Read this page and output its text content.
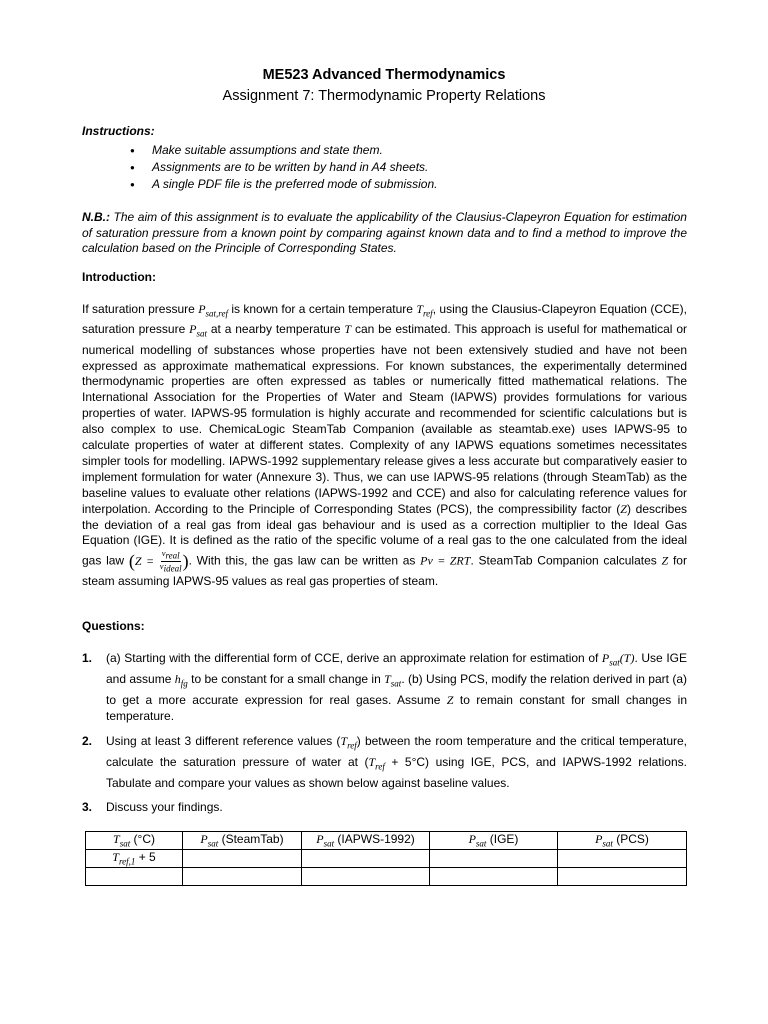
ME523 Advanced Thermodynamics
Assignment 7: Thermodynamic Property Relations
Instructions:
● Make suitable assumptions and state them.
● Assignments are to be written by hand in A4 sheets.
● A single PDF file is the preferred mode of submission.
N.B.: The aim of this assignment is to evaluate the applicability of the Clausius-Clapeyron Equation for estimation of saturation pressure from a known point by comparing against known data and to find a method to improve the calculation based on the Principle of Corresponding States.
Introduction:

If saturation pressure $P_{sat,ref}$ is known for a certain temperature $T_{ref}$, using the Clausius-Clapeyron Equation (CCE), saturation pressure $P_{sat}$ at a nearby temperature T can be estimated. This approach is useful for mathematical or numerical modelling of substances whose properties have not been extensively studied and have not been expressed as approximate mathematical expressions. For known substances, the experimentally determined thermodynamic properties are often expressed as tables or numerically fitted mathematical relations. The International Association for the Properties of Water and Steam (IAPWS) provides formulations for various properties of water. IAPWS-95 formulation is highly accurate and recommended for scientific calculations but is also complex to use. ChemicaLogic SteamTab Companion (available as steamtab.exe) uses IAPWS-95 to calculate properties of water at different states. Complexity of any IAPWS equations sometimes necessitates simpler tools for modelling. IAPWS-1992 supplementary release gives a less accurate but comparatively easier to implement formulation for water (Annexure 3). Thus, we can use IAPWS-95 relations (through SteamTab) as the baseline values to evaluate other relations (IAPWS-1992 and CCE) and also for calculating reference values for interpolation. According to the Principle of Corresponding States (PCS), the compressibility factor (Z) describes the deviation of a real gas from ideal gas behaviour and is used as a correction multiplier to the Ideal Gas Equation (IGE). It is defined as the ratio of the specific volume of a real gas to the one calculated from the ideal gas law ($Z = \frac{v_{real}}{v_{ideal}}$ ). With this, the gas law can be written as Pv = ZRT. SteamTab Companion calculates Z for steam assuming IAPWS-95 values as real gas properties of steam.

Questions:
1.	(a) Starting with the differential form of CCE, derive an approximate relation for estimation of $P_{sat}(T)$. Use IGE and assume $h_{fg}$ to be constant for a small change in $T_{sat}$. (b) Using PCS, modify the relation derived in part (a) to get a more accurate expression for real gases. Assume Z to remain constant for small changes in temperature.
2.	Using at least 3 different reference values $(T_{ref})$ between the room temperature and the critical temperature, calculate the saturation pressure of water at $(T_{ref} + 5^\circ C)$ using IGE, PCS, and IAPWS-1992 relations. Tabulate and compare your values as shown below against baseline values.
3.	Discuss your findings.
$T_{sat}$ (°C)	$P_{sat}$ (SteamTab)	$P_{sat}$ (IAPWS-1992)	$P_{sat}$ (IGE)	$P_{sat}$ (PCS)
$T_{ref,1} + 5$				
